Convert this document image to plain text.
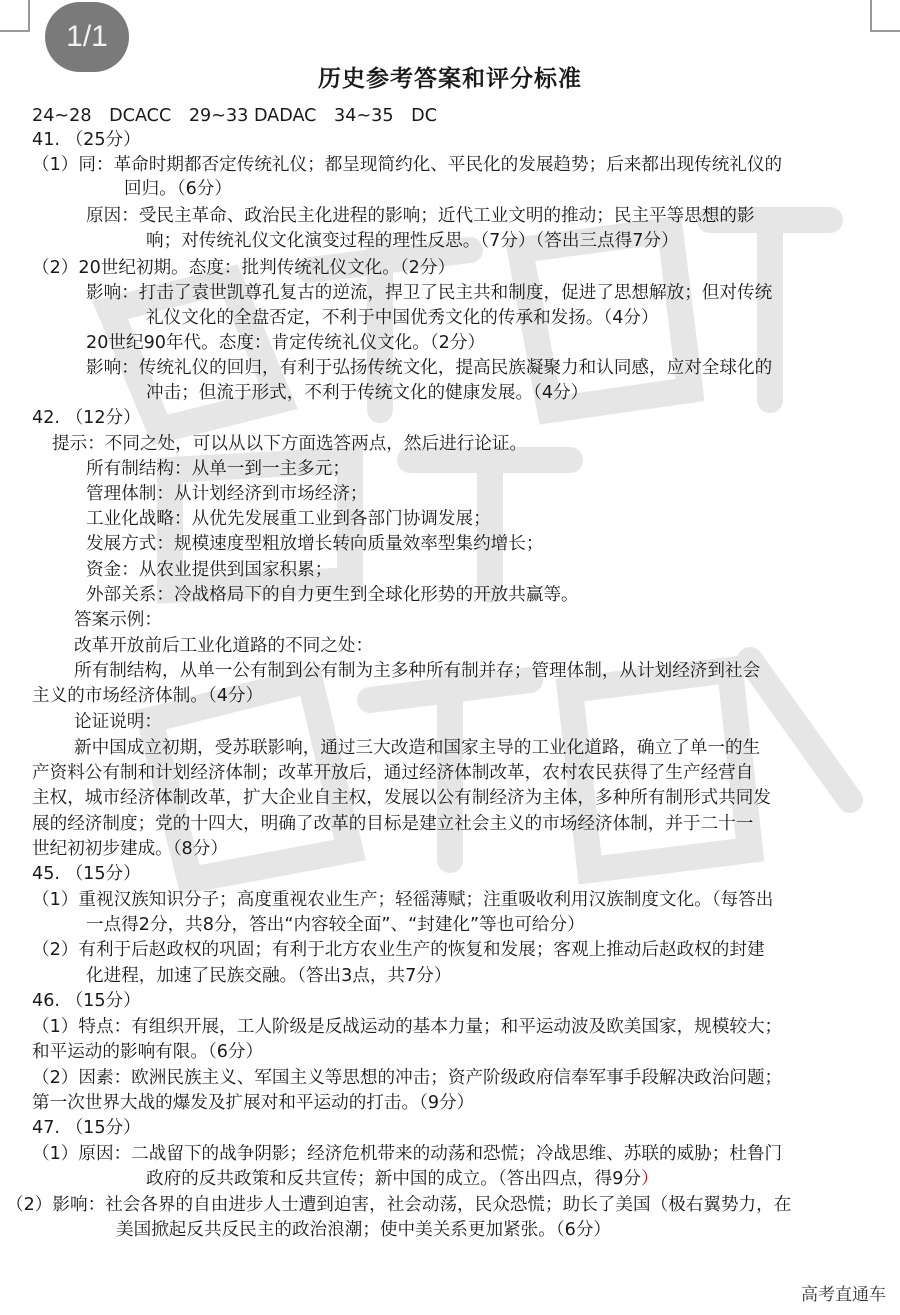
1/1
历史参考答案和评分标准
24~28　DCACC　29~33 DADAC　34~35　DC
41. （25分）
（1）同：革命时期都否定传统礼仪；都呈现简约化、平民化的发展趋势；后来都出现传统礼仪的
回归。（6分）
原因：受民主革命、政治民主化进程的影响；近代工业文明的推动；民主平等思想的影
响；对传统礼仪文化演变过程的理性反思。（7分）（答出三点得7分）
（2）20世纪初期。态度：批判传统礼仪文化。（2分）
影响：打击了袁世凯尊孔复古的逆流，捍卫了民主共和制度，促进了思想解放；但对传统
礼仪文化的全盘否定，不利于中国优秀文化的传承和发扬。（4分）
20世纪90年代。态度：肯定传统礼仪文化。（2分）
影响：传统礼仪的回归，有利于弘扬传统文化，提高民族凝聚力和认同感，应对全球化的
冲击；但流于形式，不利于传统文化的健康发展。（4分）
42. （12分）
提示：不同之处，可以从以下方面选答两点，然后进行论证。
所有制结构：从单一到一主多元；
管理体制：从计划经济到市场经济；
工业化战略：从优先发展重工业到各部门协调发展；
发展方式：规模速度型粗放增长转向质量效率型集约增长；
资金：从农业提供到国家积累；
外部关系：冷战格局下的自力更生到全球化形势的开放共赢等。
答案示例：
改革开放前后工业化道路的不同之处：
所有制结构，从单一公有制到公有制为主多种所有制并存；管理体制，从计划经济到社会
主义的市场经济体制。（4分）
论证说明：
新中国成立初期，受苏联影响，通过三大改造和国家主导的工业化道路，确立了单一的生
产资料公有制和计划经济体制；改革开放后，通过经济体制改革，农村农民获得了生产经营自
主权，城市经济体制改革，扩大企业自主权，发展以公有制经济为主体，多种所有制形式共同发
展的经济制度；党的十四大，明确了改革的目标是建立社会主义的市场经济体制，并于二十一
世纪初初步建成。（8分）
45. （15分）
（1）重视汉族知识分子；高度重视农业生产；轻徭薄赋；注重吸收利用汉族制度文化。（每答出
一点得2分，共8分，答出“内容较全面”、“封建化”等也可给分）
（2）有利于后赵政权的巩固；有利于北方农业生产的恢复和发展；客观上推动后赵政权的封建
化进程，加速了民族交融。（答出3点，共7分）
46. （15分）
（1）特点：有组织开展，工人阶级是反战运动的基本力量；和平运动波及欧美国家，规模较大；
和平运动的影响有限。（6分）
（2）因素：欧洲民族主义、军国主义等思想的冲击；资产阶级政府信奉军事手段解决政治问题；
第一次世界大战的爆发及扩展对和平运动的打击。（9分）
47. （15分）
（1）原因：二战留下的战争阴影；经济危机带来的动荡和恐慌；冷战思维、苏联的威胁；杜鲁门
政府的反共政策和反共宣传；新中国的成立。（答出四点，得9分）
（2）影响：社会各界的自由进步人士遭到迫害，社会动荡，民众恐慌；助长了美国（极右翼势力，在
美国掀起反共反民主的政治浪潮；使中美关系更加紧张。（6分）
高考直通车
